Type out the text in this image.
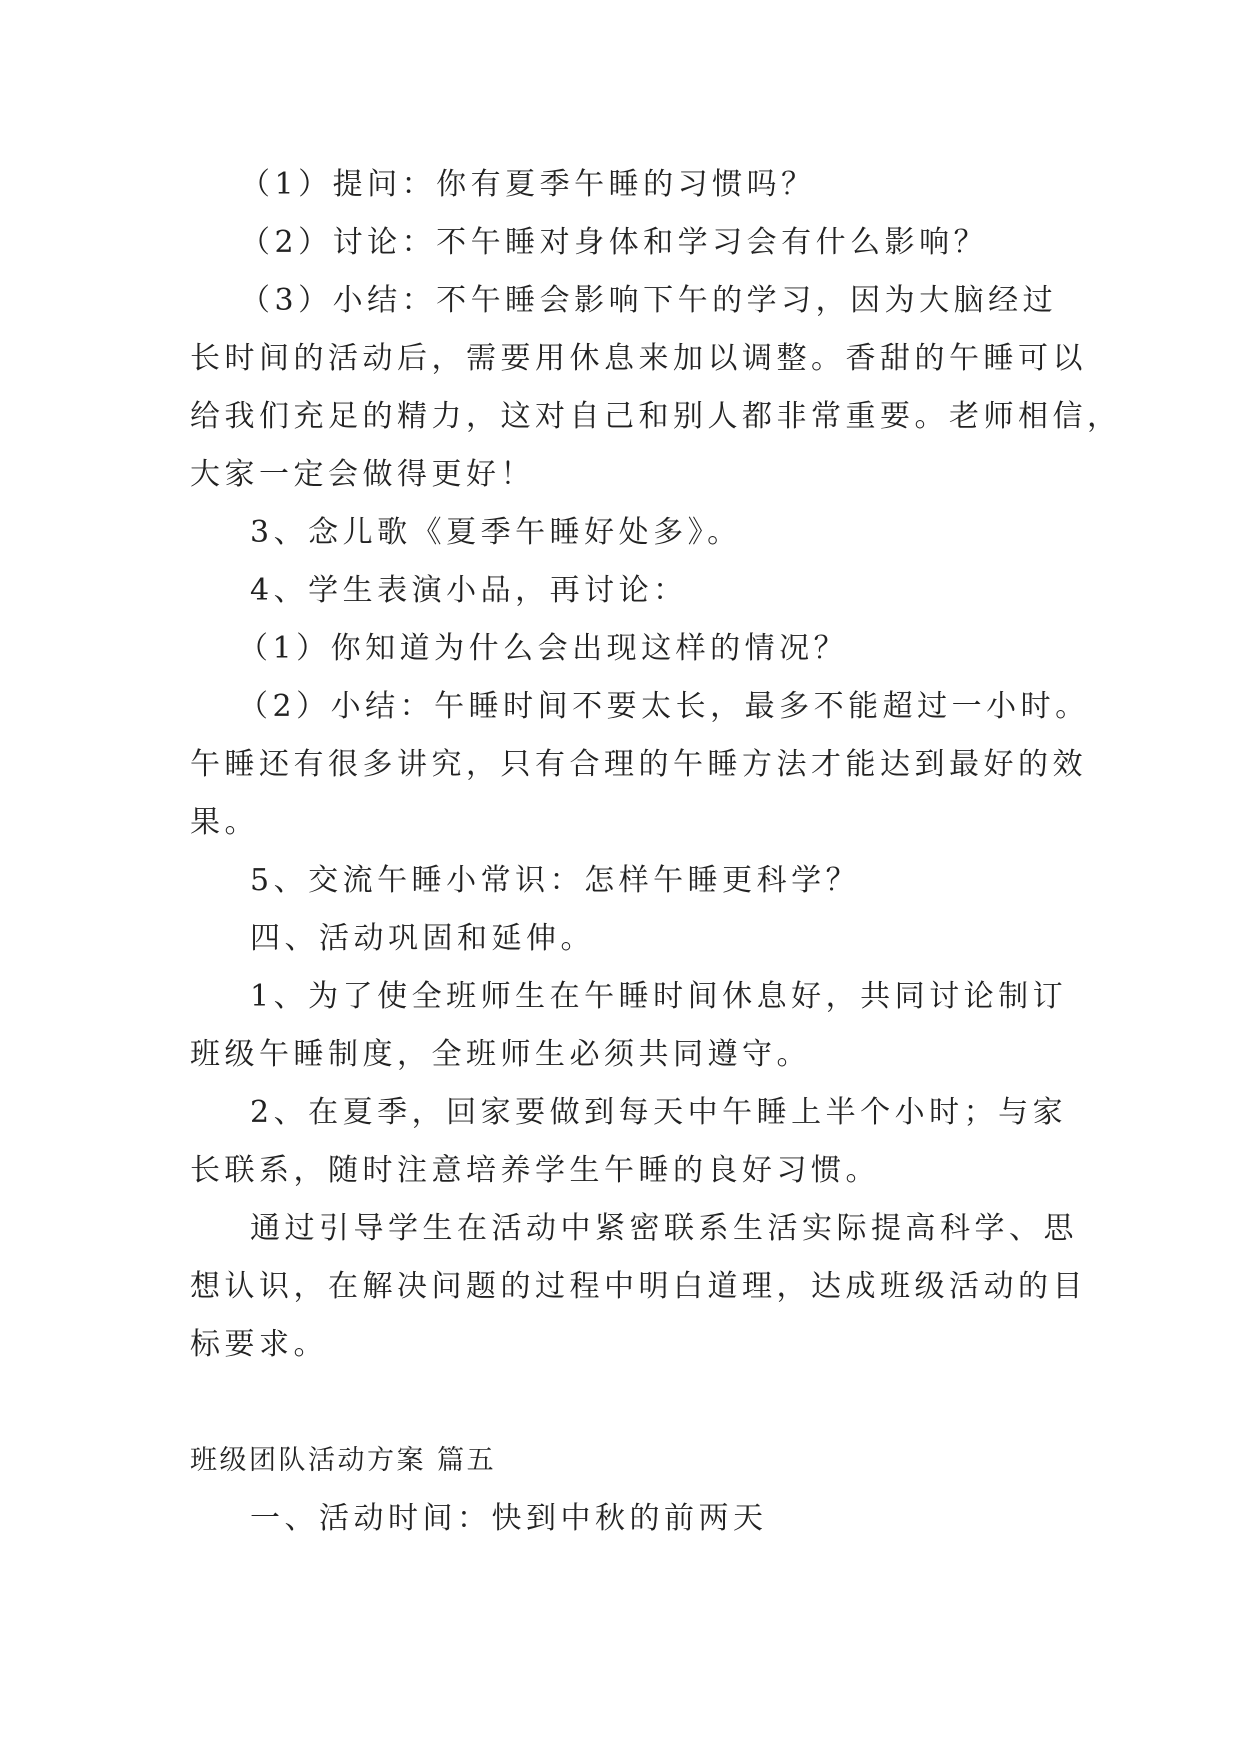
（1）提问：你有夏季午睡的习惯吗？

（2）讨论：不午睡对身体和学习会有什么影响？

（3）小结：不午睡会影响下午的学习，因为大脑经过

长时间的活动后，需要用休息来加以调整。香甜的午睡可以

给我们充足的精力，这对自己和别人都非常重要。老师相信，

大家一定会做得更好！

3、念儿歌《夏季午睡好处多》。

4、学生表演小品，再讨论：

（1）你知道为什么会出现这样的情况？

（2）小结：午睡时间不要太长，最多不能超过一小时。

午睡还有很多讲究，只有合理的午睡方法才能达到最好的效

果。

5、交流午睡小常识：怎样午睡更科学？

四、活动巩固和延伸。

1、为了使全班师生在午睡时间休息好，共同讨论制订

班级午睡制度，全班师生必须共同遵守。

2、在夏季，回家要做到每天中午睡上半个小时；与家

长联系，随时注意培养学生午睡的良好习惯。

通过引导学生在活动中紧密联系生活实际提高科学、思

想认识，在解决问题的过程中明白道理，达成班级活动的目

标要求。

班级团队活动方案 篇五

一、活动时间：快到中秋的前两天
